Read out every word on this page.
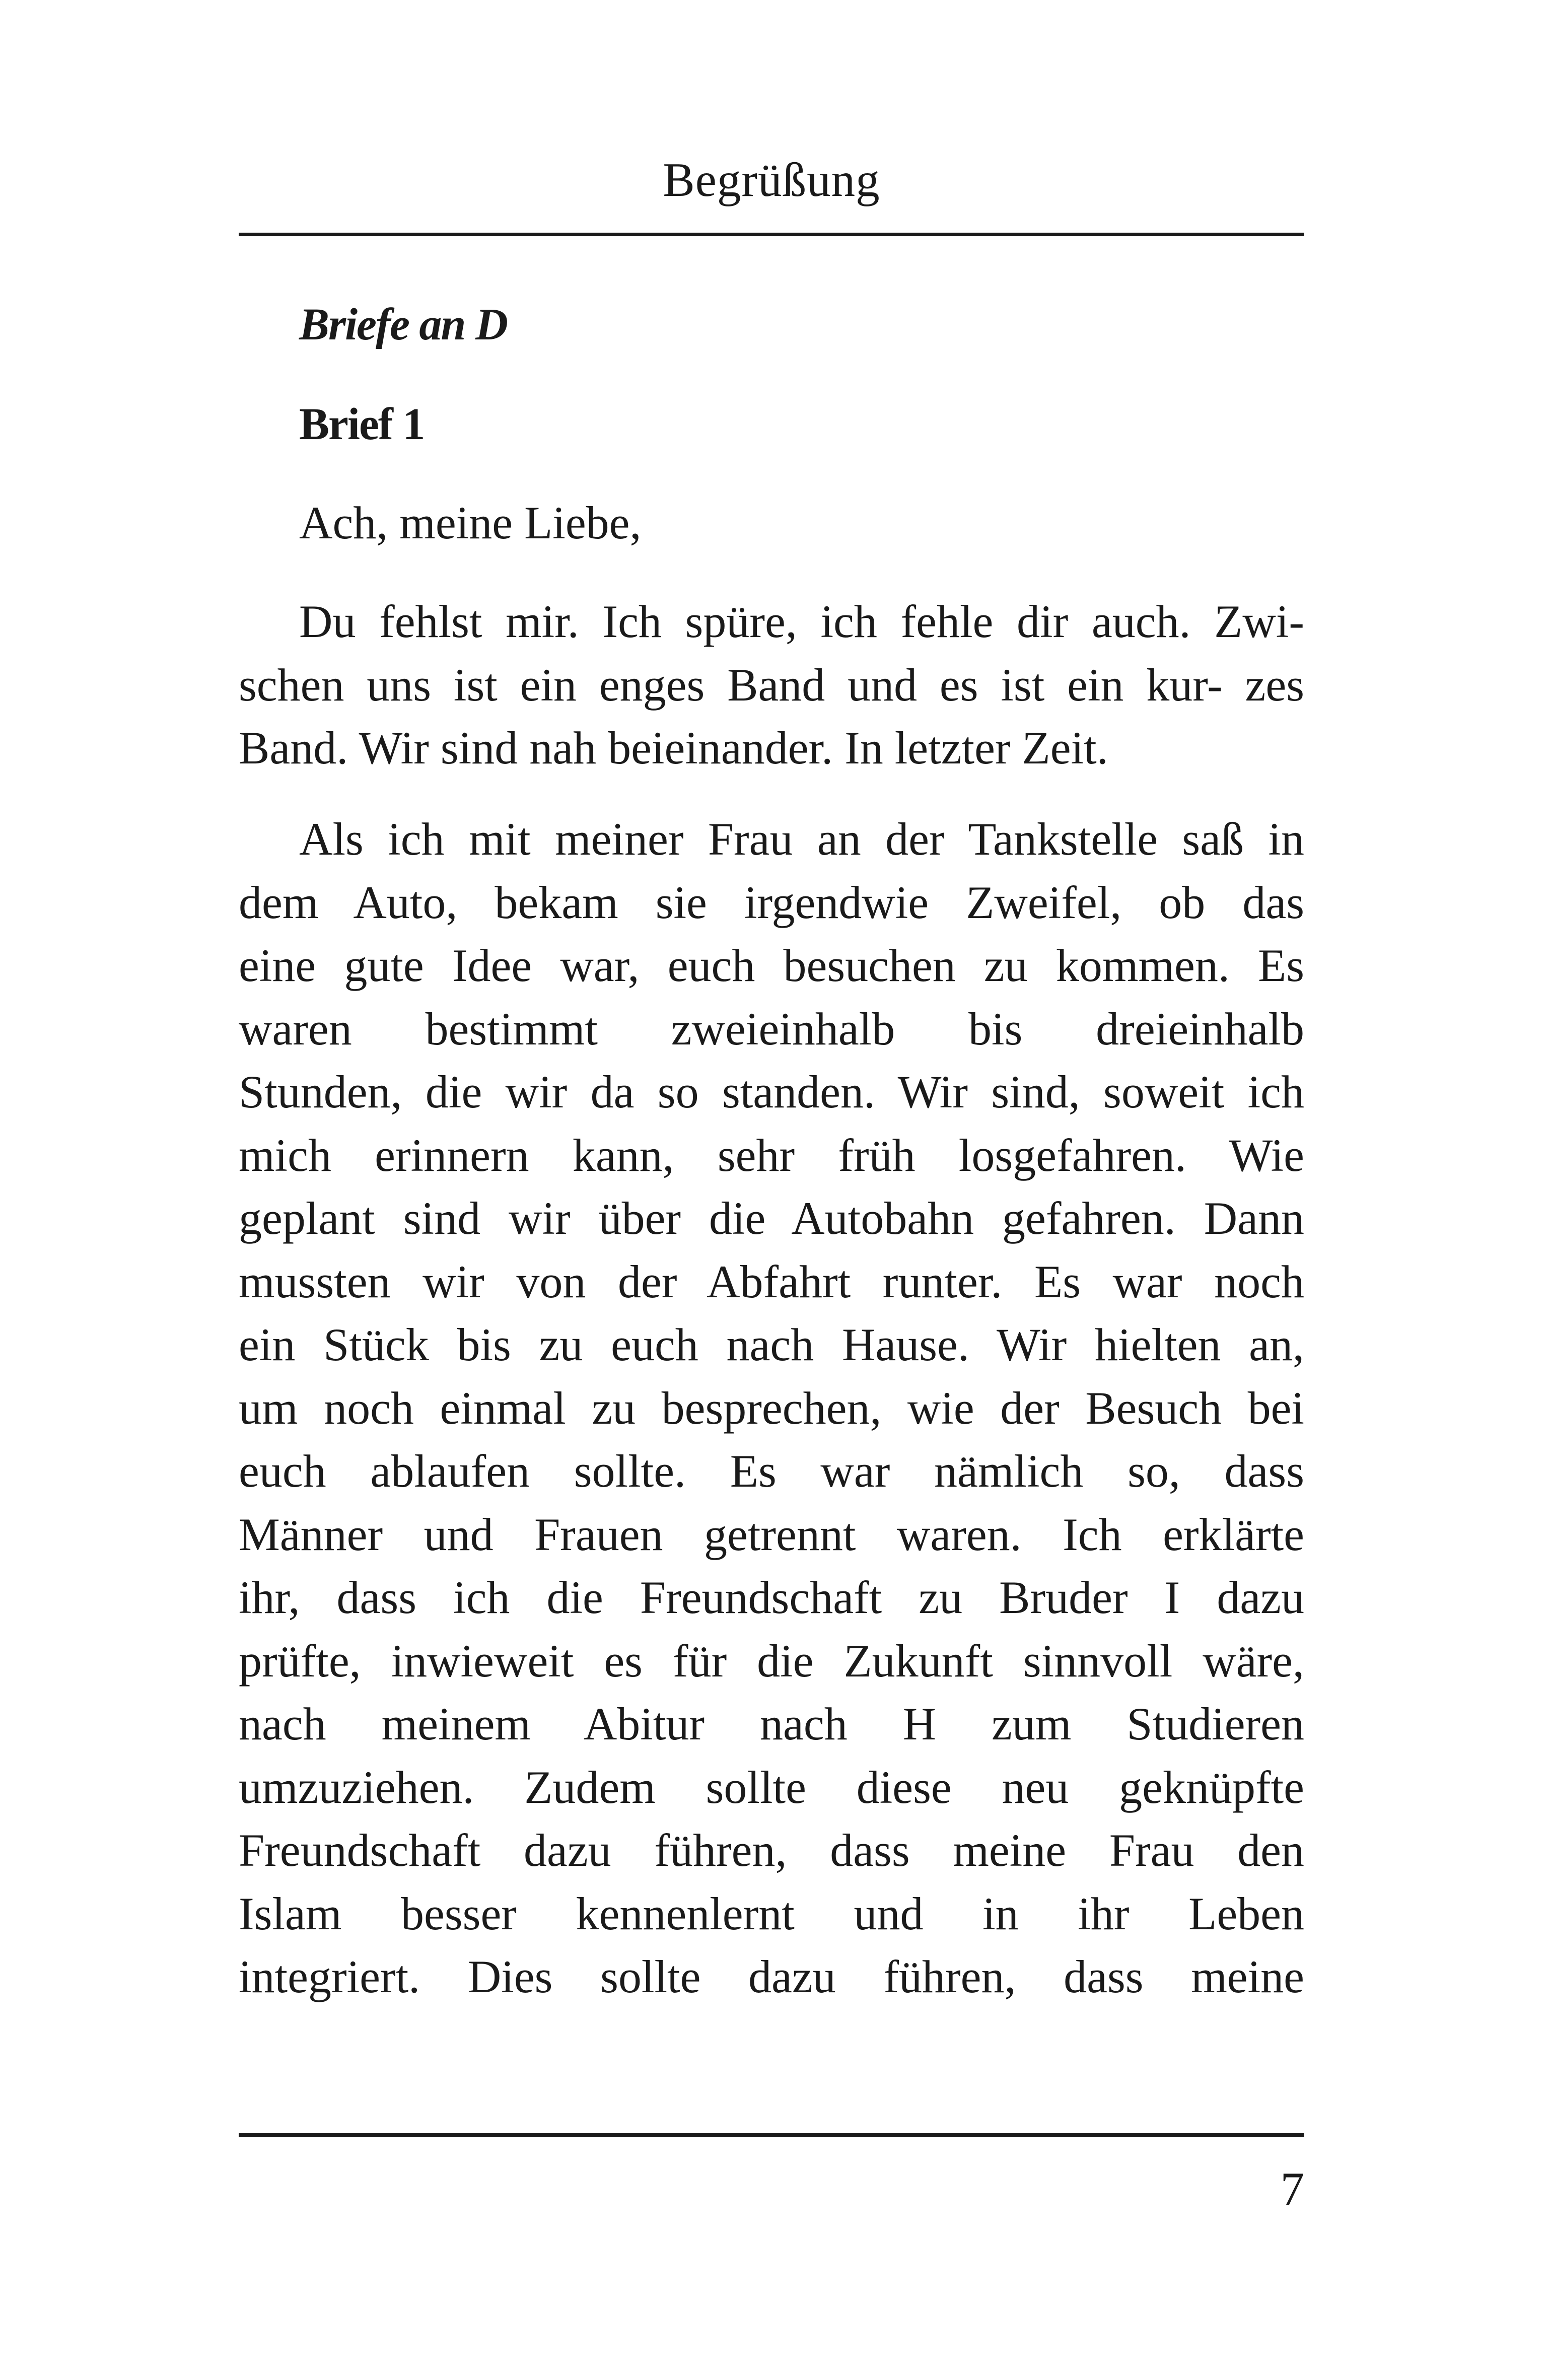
Begrüßung
Briefe an D
Brief 1
Ach, meine Liebe,
Du fehlst mir. Ich spüre, ich fehle dir auch. Zwi-
schen uns ist ein enges Band und es ist ein kur- zes
Band. Wir sind nah beieinander. In letzter Zeit.
Als ich mit meiner Frau an der Tankstelle saß in
dem Auto, bekam sie irgendwie Zweifel, ob das
eine gute Idee war, euch besuchen zu kommen. Es
waren bestimmt zweieinhalb bis dreieinhalb
Stunden, die wir da so standen. Wir sind, soweit ich
mich erinnern kann, sehr früh losgefahren. Wie
geplant sind wir über die Autobahn gefahren. Dann
mussten wir von der Abfahrt runter. Es war noch
ein Stück bis zu euch nach Hause. Wir hielten an,
um noch einmal zu besprechen, wie der Besuch bei
euch ablaufen sollte. Es war nämlich so, dass
Männer und Frauen getrennt waren. Ich erklärte
ihr, dass ich die Freundschaft zu Bruder I dazu
prüfte, inwieweit es für die Zukunft sinnvoll wäre,
nach meinem Abitur nach H zum Studieren
umzuziehen. Zudem sollte diese neu geknüpfte
Freundschaft dazu führen, dass meine Frau den
Islam besser kennenlernt und in ihr Leben
integriert. Dies sollte dazu führen, dass meine
7
